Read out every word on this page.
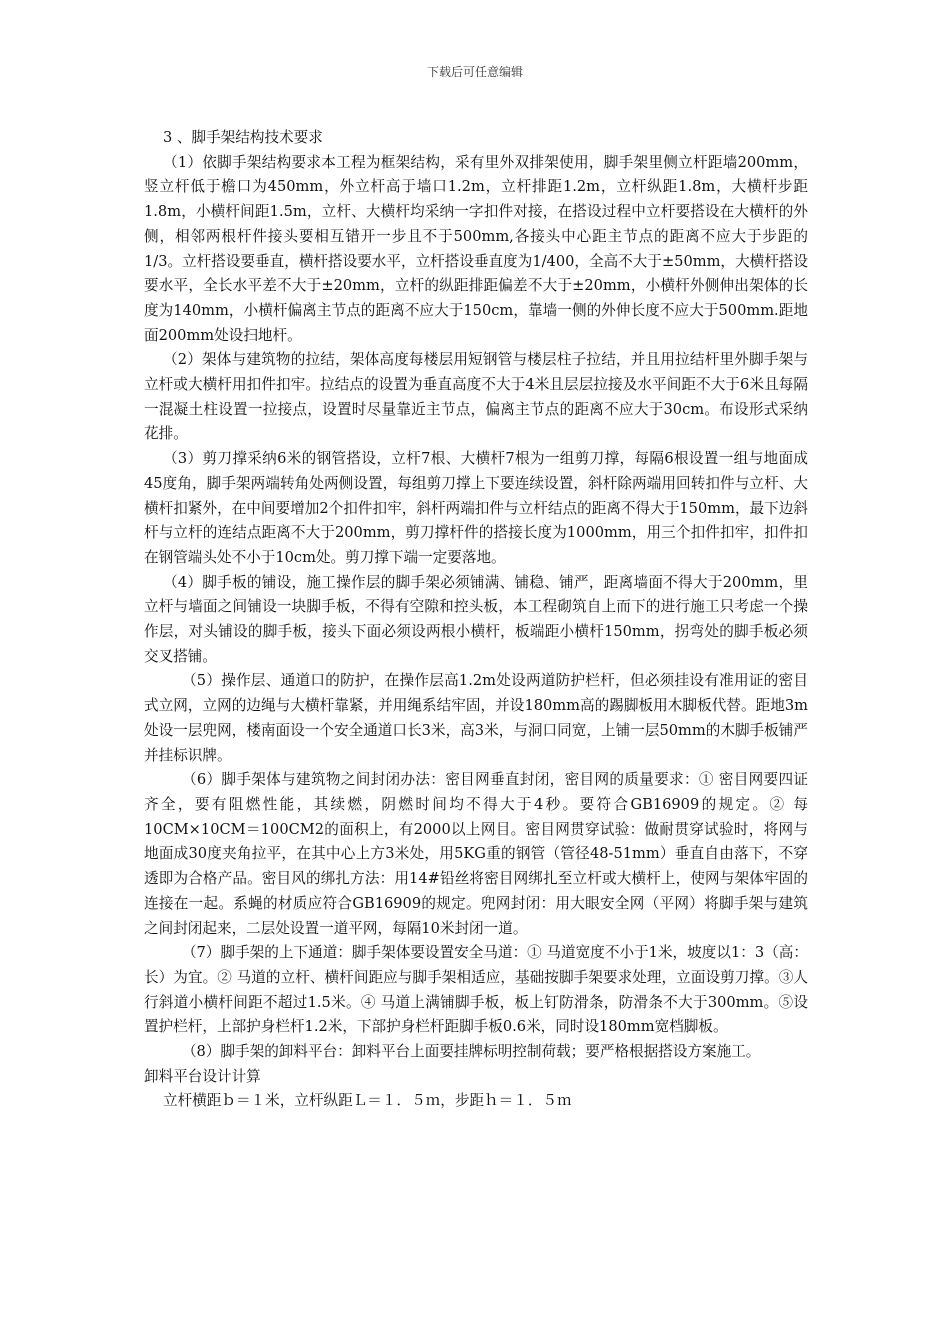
下载后可任意编辑

3 、脚手架结构技术要求

（1）依脚手架结构要求本工程为框架结构，采有里外双排架使用，脚手架里侧立杆距墙200mm，竖立杆低于檐口为450mm，外立杆高于墙口1.2m，立杆排距1.2m，立杆纵距1.8m，大横杆步距1.8m，小横杆间距1.5m，立杆、大横杆均采纳一字扣件对接，在搭设过程中立杆要搭设在大横杆的外侧，相邻两根杆件接头要相互错开一步且不于500mm,各接头中心距主节点的距离不应大于步距的1/3。立杆搭设要垂直，横杆搭设要水平，立杆搭设垂直度为1/400，全高不大于±50mm，大横杆搭设要水平，全长水平差不大于±20mm，立杆的纵距排距偏差不大于±20mm，小横杆外侧伸出架体的长度为140mm，小横杆偏离主节点的距离不应大于150cm，靠墙一侧的外伸长度不应大于500mm.距地面200mm处设扫地杆。

（2）架体与建筑物的拉结，架体高度每楼层用短钢管与楼层柱子拉结，并且用拉结杆里外脚手架与立杆或大横杆用扣件扣牢。拉结点的设置为垂直高度不大于4米且层层拉接及水平间距不大于6米且每隔一混凝土柱设置一拉接点，设置时尽量靠近主节点，偏离主节点的距离不应大于30cm。布设形式采纳花排。

（3）剪刀撑采纳6米的钢管搭设，立杆7根、大横杆7根为一组剪刀撑，每隔6根设置一组与地面成45度角，脚手架两端转角处两侧设置，每组剪刀撑上下要连续设置，斜杆除两端用回转扣件与立杆、大横杆扣紧外，在中间要增加2个扣件扣牢，斜杆两端扣件与立杆结点的距离不得大于150mm，最下边斜杆与立杆的连结点距离不大于200mm，剪刀撑杆件的搭接长度为1000mm，用三个扣件扣牢，扣件扣在钢管端头处不小于10cm处。剪刀撑下端一定要落地。

（4）脚手板的铺设，施工操作层的脚手架必须铺满、铺稳、铺严，距离墙面不得大于200mm，里立杆与墙面之间铺设一块脚手板，不得有空隙和控头板，本工程砌筑自上而下的进行施工只考虑一个操作层，对头铺设的脚手板，接头下面必须设两根小横杆，板端距小横杆150mm，拐弯处的脚手板必须交叉搭铺。

（5）操作层、通道口的防护，在操作层高1.2m处设两道防护栏杆，但必须挂设有准用证的密目式立网，立网的边绳与大横杆靠紧，并用绳系结牢固，并设180mm高的踢脚板用木脚板代替。距地3m处设一层兜网，楼南面设一个安全通道口长3米，高3米，与洞口同宽，上铺一层50mm的木脚手板铺严并挂标识牌。

（6）脚手架体与建筑物之间封闭办法：密目网垂直封闭，密目网的质量要求：① 密目网要四证齐全，要有阻燃性能，其续燃，阴燃时间均不得大于4秒。要符合GB16909的规定。② 每10CM×10CM＝100CM2的面积上，有2000以上网目。密目网贯穿试验：做耐贯穿试验时，将网与地面成30度夹角拉平，在其中心上方3米处，用5KG重的钢管（管径48-51mm）垂直自由落下，不穿透即为合格产品。密目风的绑扎方法：用14#铅丝将密目网绑扎至立杆或大横杆上，使网与架体牢固的连接在一起。系蝇的材质应符合GB16909的规定。兜网封闭：用大眼安全网（平网）将脚手架与建筑之间封闭起来，二层处设置一道平网，每隔10米封闭一道。

（7）脚手架的上下通道：脚手架体要设置安全马道：① 马道宽度不小于1米，坡度以1：3（高：长）为宜。② 马道的立杆、横杆间距应与脚手架相适应，基础按脚手架要求处理，立面设剪刀撑。③人行斜道小横杆间距不超过1.5米。④ 马道上满铺脚手板，板上钉防滑条，防滑条不大于300mm。⑤设置护栏杆，上部护身栏杆1.2米，下部护身栏杆距脚手板0.6米，同时设180mm宽档脚板。

（8）脚手架的卸料平台：卸料平台上面要挂牌标明控制荷载；要严格根据搭设方案施工。

卸料平台设计计算

立杆横距ｂ＝１米，立杆纵距Ｌ＝１．５ｍ，步距ｈ＝１．５ｍ
